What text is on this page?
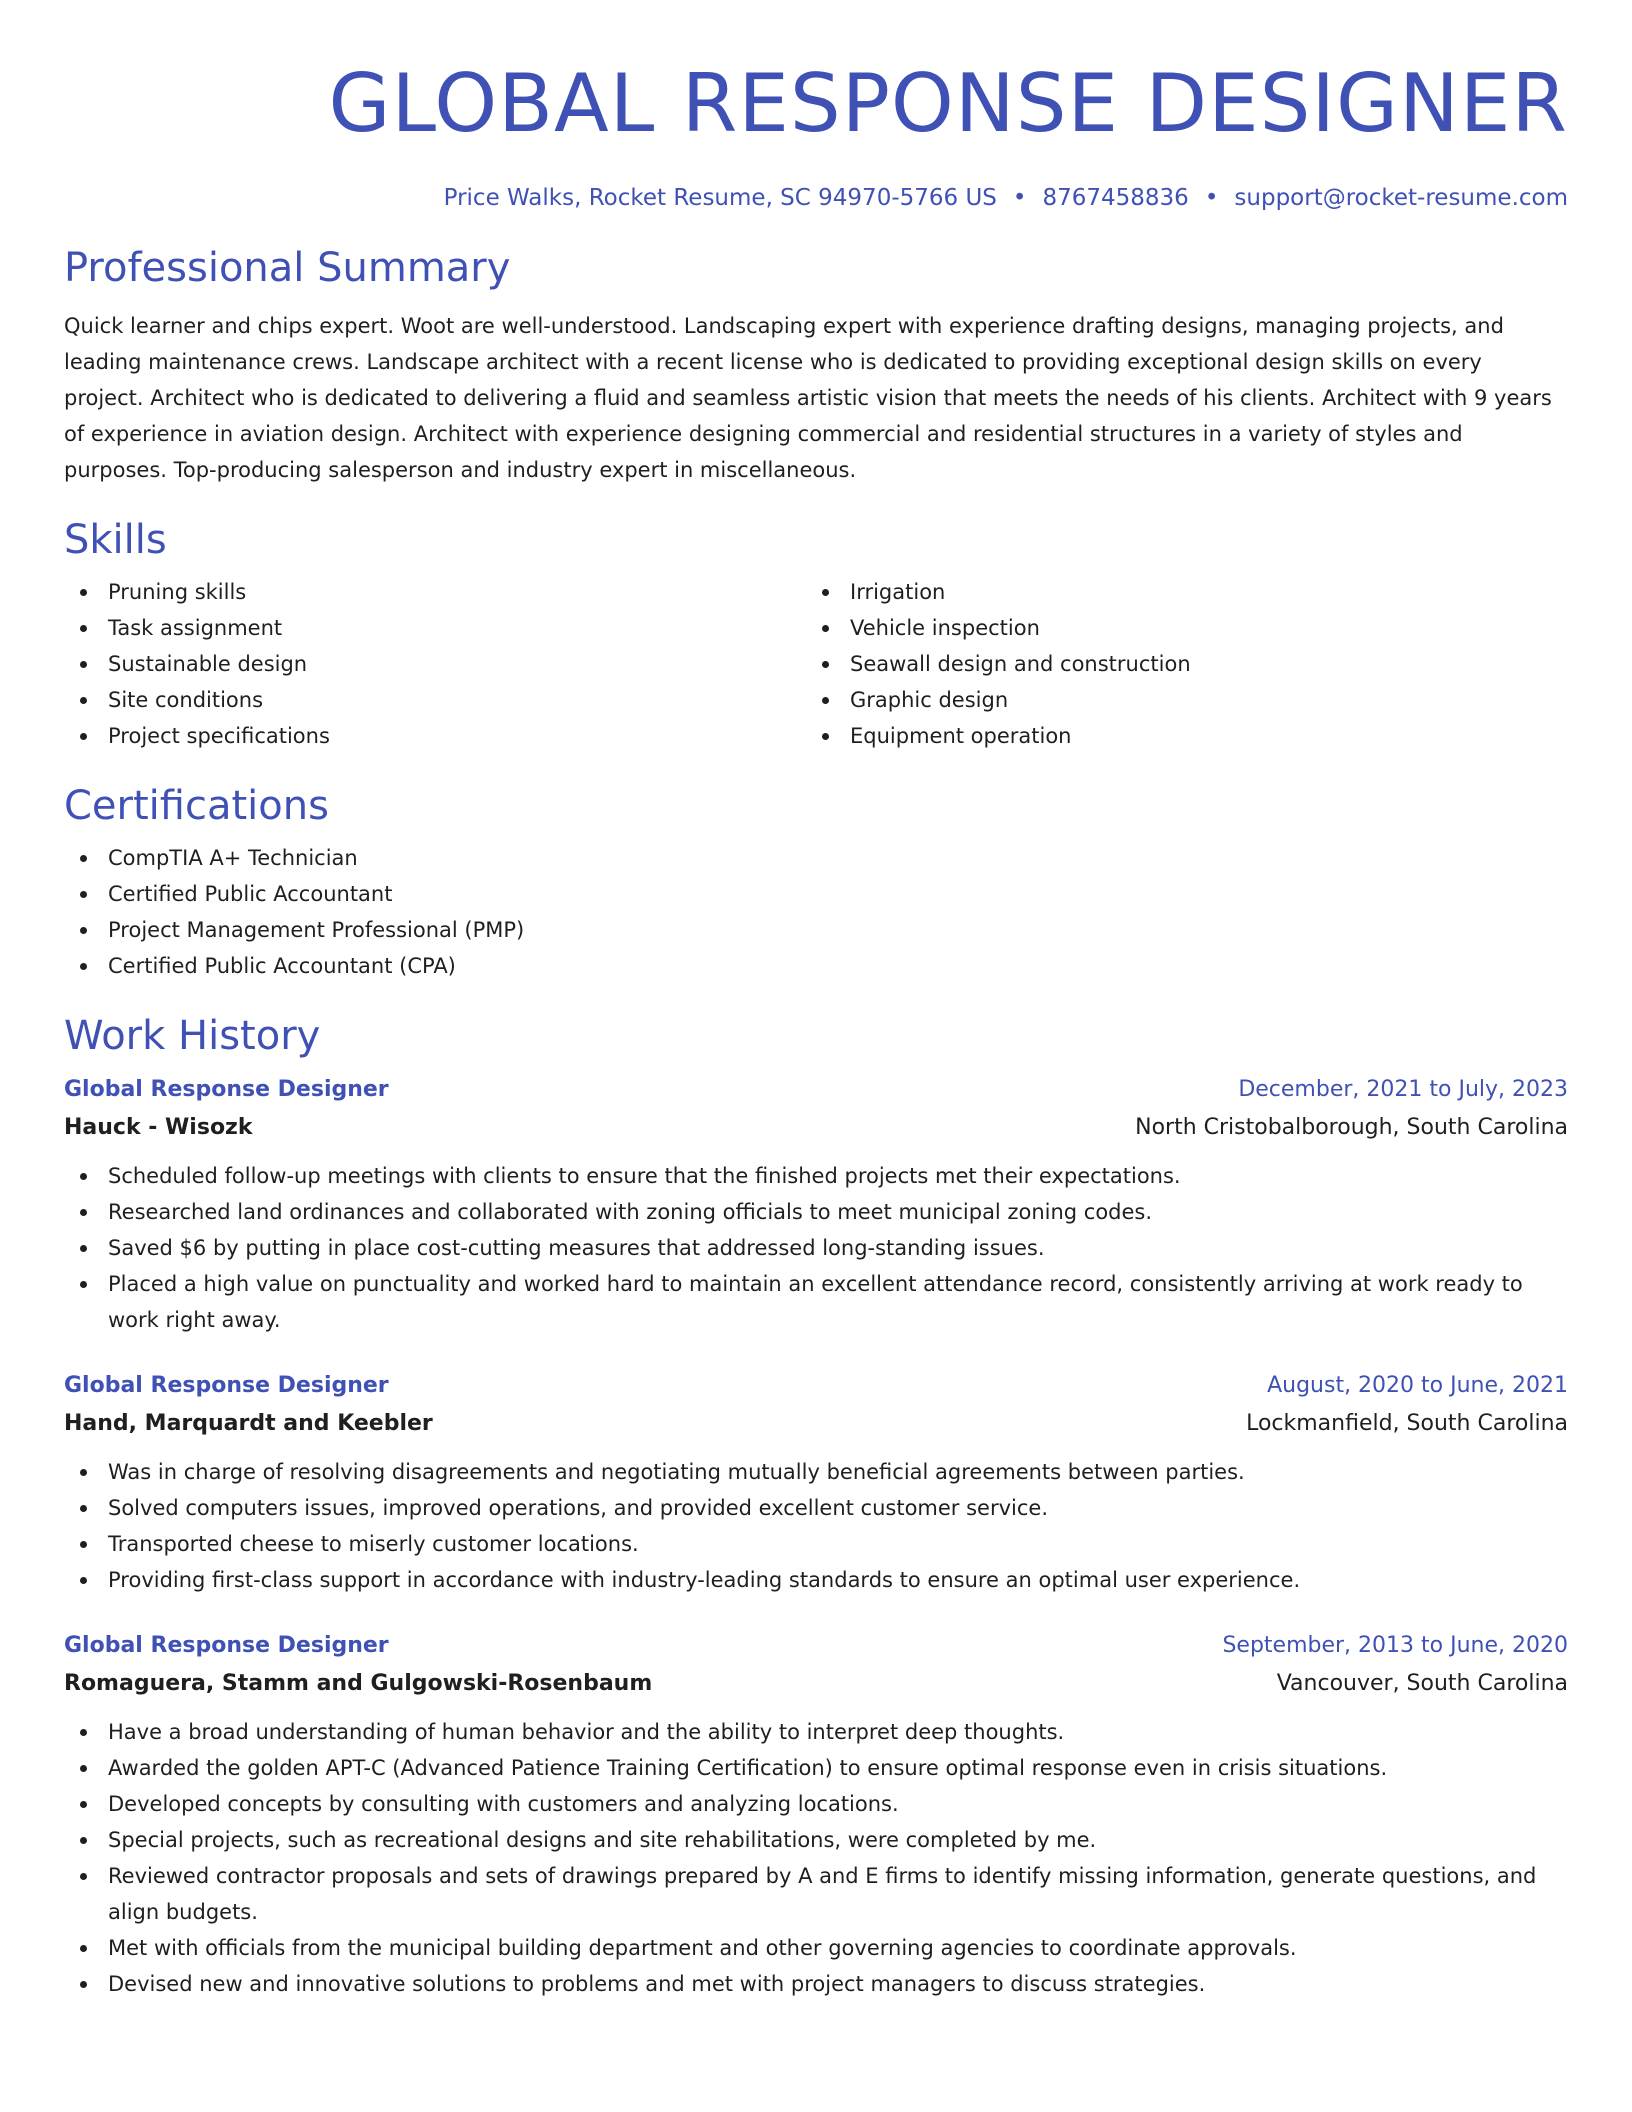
GLOBAL RESPONSE DESIGNER
Price Walks, Rocket Resume, SC 94970-5766 US • 8767458836 • support@rocket-resume.com
Professional Summary

Quick learner and chips expert. Woot are well-understood. Landscaping expert with experience drafting designs, managing projects, and leading maintenance crews. Landscape architect with a recent license who is dedicated to providing exceptional design skills on every project. Architect who is dedicated to delivering a fluid and seamless artistic vision that meets the needs of his clients. Architect with 9 years of experience in aviation design. Architect with experience designing commercial and residential structures in a variety of styles and purposes. Top-producing salesperson and industry expert in miscellaneous.

Skills
Pruning skills
Task assignment
Sustainable design
Site conditions
Project specifications
Irrigation
Vehicle inspection
Seawall design and construction
Graphic design
Equipment operation
Certifications
CompTIA A+ Technician
Certified Public Accountant
Project Management Professional (PMP)
Certified Public Accountant (CPA)
Work History
Global Response Designer	December, 2021 to July, 2023
Hauck - Wisozk	North Cristobalborough, South Carolina
Scheduled follow-up meetings with clients to ensure that the finished projects met their expectations.
Researched land ordinances and collaborated with zoning officials to meet municipal zoning codes.
Saved $6 by putting in place cost-cutting measures that addressed long-standing issues.
Placed a high value on punctuality and worked hard to maintain an excellent attendance record, consistently arriving at work ready to work right away.
Global Response Designer	August, 2020 to June, 2021
Hand, Marquardt and Keebler	Lockmanfield, South Carolina
Was in charge of resolving disagreements and negotiating mutually beneficial agreements between parties.
Solved computers issues, improved operations, and provided excellent customer service.
Transported cheese to miserly customer locations.
Providing first-class support in accordance with industry-leading standards to ensure an optimal user experience.
Global Response Designer	September, 2013 to June, 2020
Romaguera, Stamm and Gulgowski-Rosenbaum	Vancouver, South Carolina
Have a broad understanding of human behavior and the ability to interpret deep thoughts.
Awarded the golden APT-C (Advanced Patience Training Certification) to ensure optimal response even in crisis situations.
Developed concepts by consulting with customers and analyzing locations.
Special projects, such as recreational designs and site rehabilitations, were completed by me.
Reviewed contractor proposals and sets of drawings prepared by A and E firms to identify missing information, generate questions, and align budgets.
Met with officials from the municipal building department and other governing agencies to coordinate approvals.
Devised new and innovative solutions to problems and met with project managers to discuss strategies.
